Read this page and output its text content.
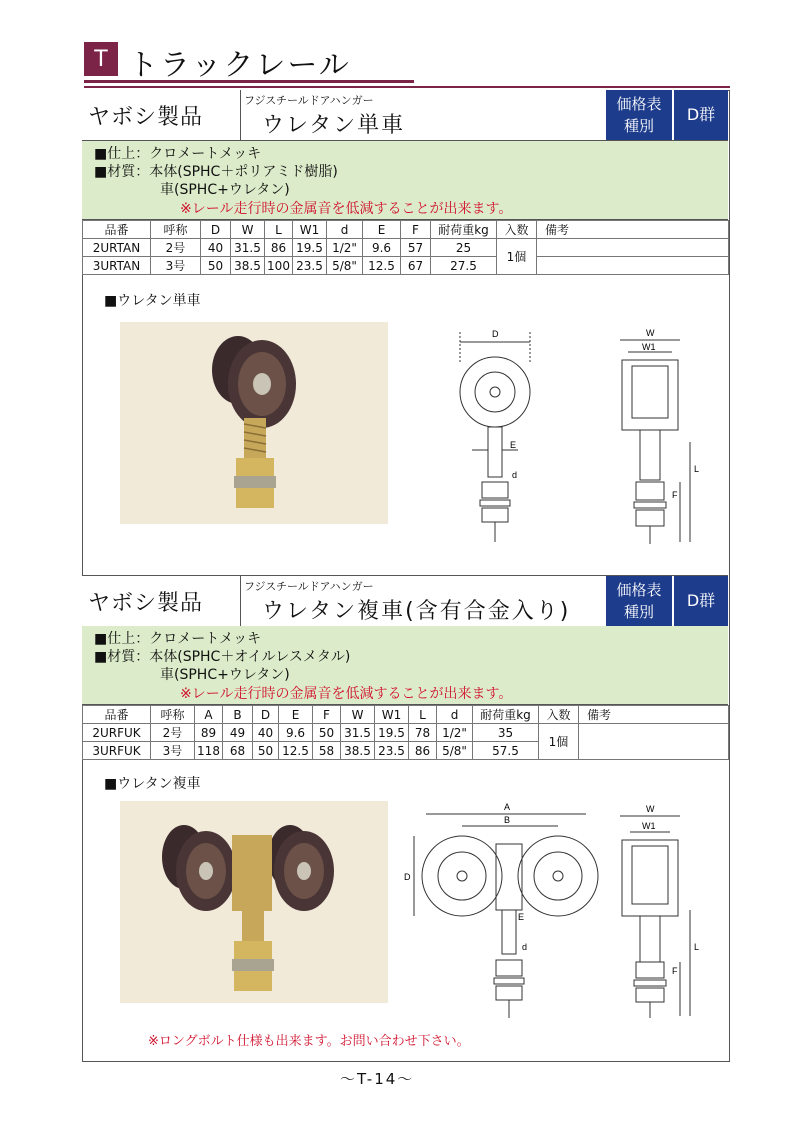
T トラックレール
ヤボシ製品
フジスチールドアハンガー
ウレタン単車
価格表
種別
D群
■仕上：クロメートメッキ
■材質：本体(SPHC＋ポリアミド樹脂)
車(SPHC+ウレタン)
※レール走行時の金属音を低減することが出来ます。
品番	呼称	D	W	L	W1	d	E	F	耐荷重kg	入数	備考
2URTAN	2号	40	31.5	86	19.5	1/2"	9.6	57	25	1個	
3URTAN	3号	50	38.5	100	23.5	5/8"	12.5	67	27.5		
■ウレタン単車
D
E
d
W
W1
L
F
ヤボシ製品
フジスチールドアハンガー
ウレタン複車(含有合金入り)
価格表
種別
D群
■仕上：クロメートメッキ
■材質：本体(SPHC＋オイルレスメタル)
車(SPHC+ウレタン)
※レール走行時の金属音を低減することが出来ます。
品番	呼称	A	B	D	E	F	W	W1	L	d	耐荷重kg	入数	備考
2URFUK	2号	89	49	40	9.6	50	31.5	19.5	78	1/2"	35	1個	
3URFUK	3号	118	68	50	12.5	58	38.5	23.5	86	5/8"	57.5		
■ウレタン複車
A
B
D
E
d
W
W1
L
F
※ロングボルト仕様も出来ます。お問い合わせ下さい。
〜T-14〜
